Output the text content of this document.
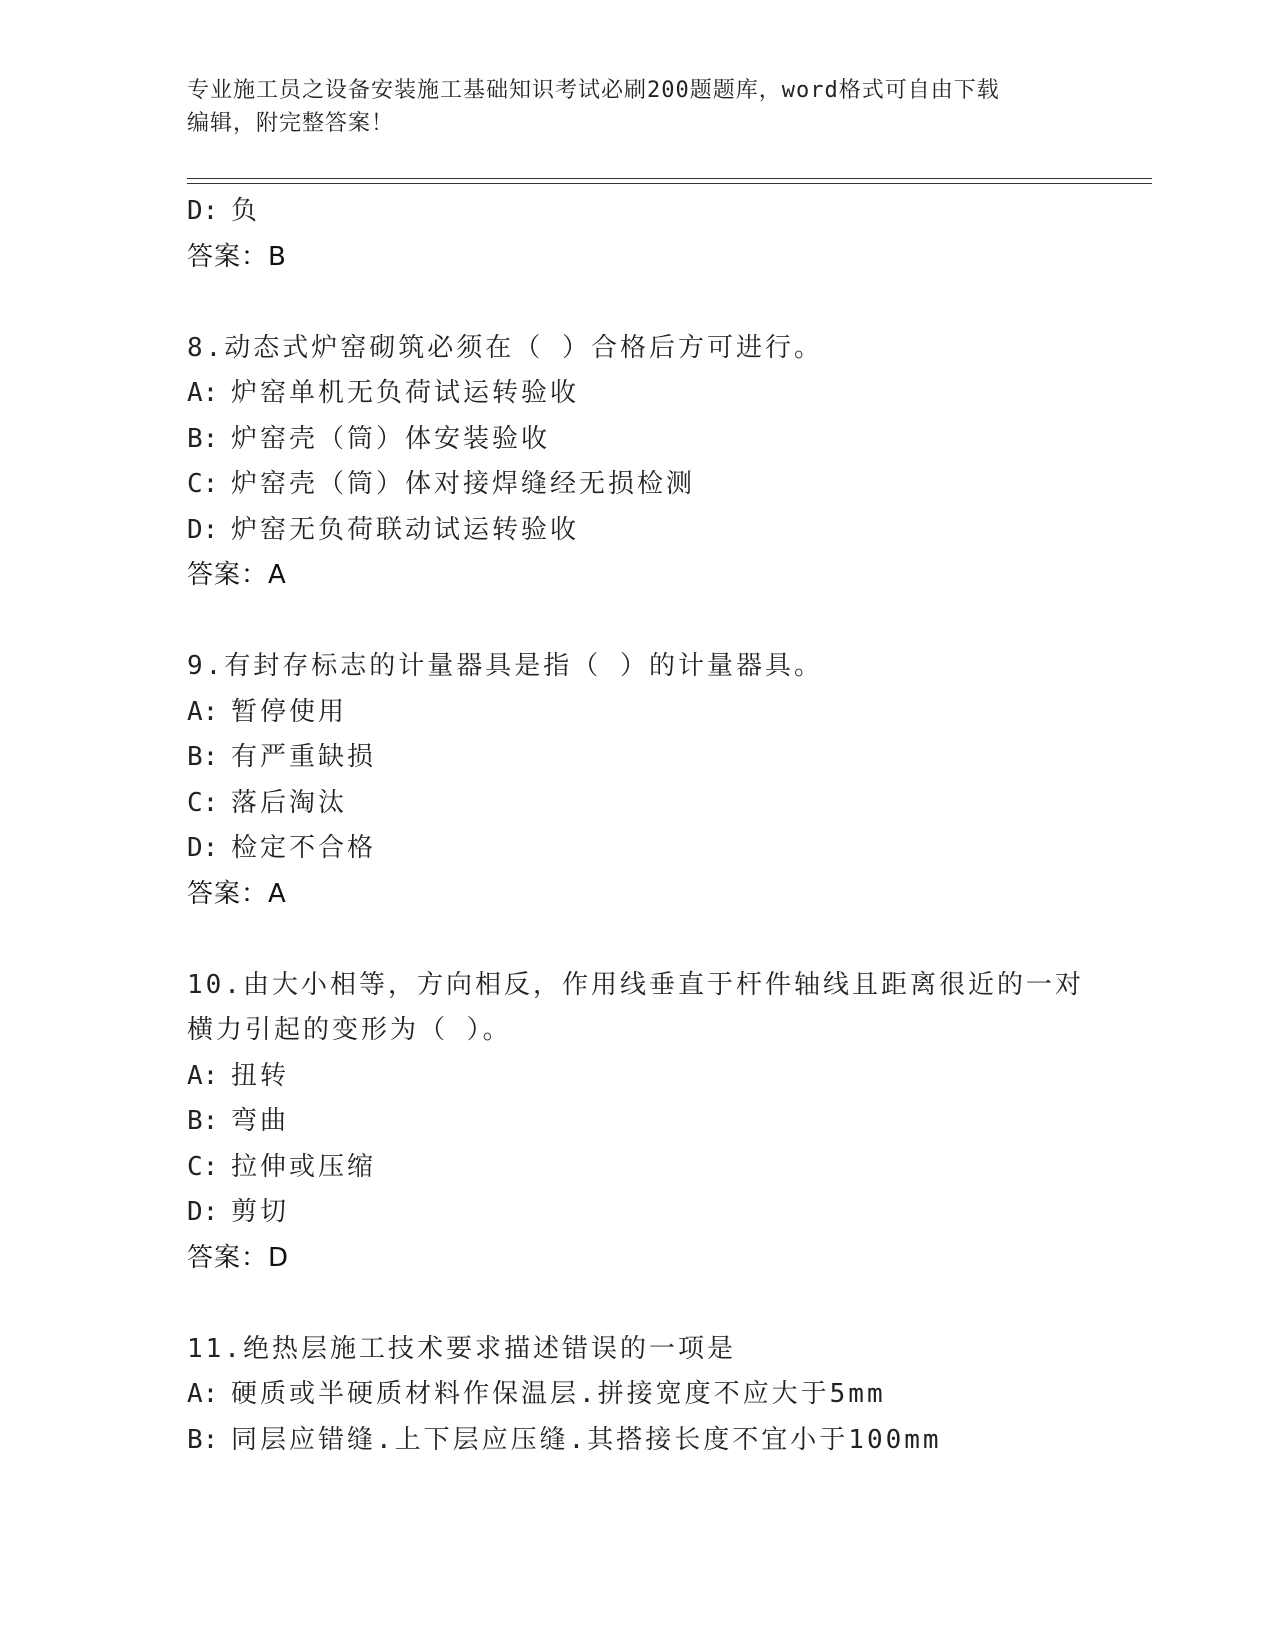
专业施工员之设备安装施工基础知识考试必刷200题题库，word格式可自由下载
编辑，附完整答案！
D: 负
答案：B
8.动态式炉窑砌筑必须在（ ）合格后方可进行。
A: 炉窑单机无负荷试运转验收
B: 炉窑壳（筒）体安装验收
C: 炉窑壳（筒）体对接焊缝经无损检测
D: 炉窑无负荷联动试运转验收
答案：A
9.有封存标志的计量器具是指（ ）的计量器具。
A: 暂停使用
B: 有严重缺损
C: 落后淘汰
D: 检定不合格
答案：A
10.由大小相等，方向相反，作用线垂直于杆件轴线且距离很近的一对
横力引起的变形为（ ）。
A: 扭转
B: 弯曲
C: 拉伸或压缩
D: 剪切
答案：D
11.绝热层施工技术要求描述错误的一项是
A: 硬质或半硬质材料作保温层.拼接宽度不应大于5mm
B: 同层应错缝.上下层应压缝.其搭接长度不宜小于100mm
